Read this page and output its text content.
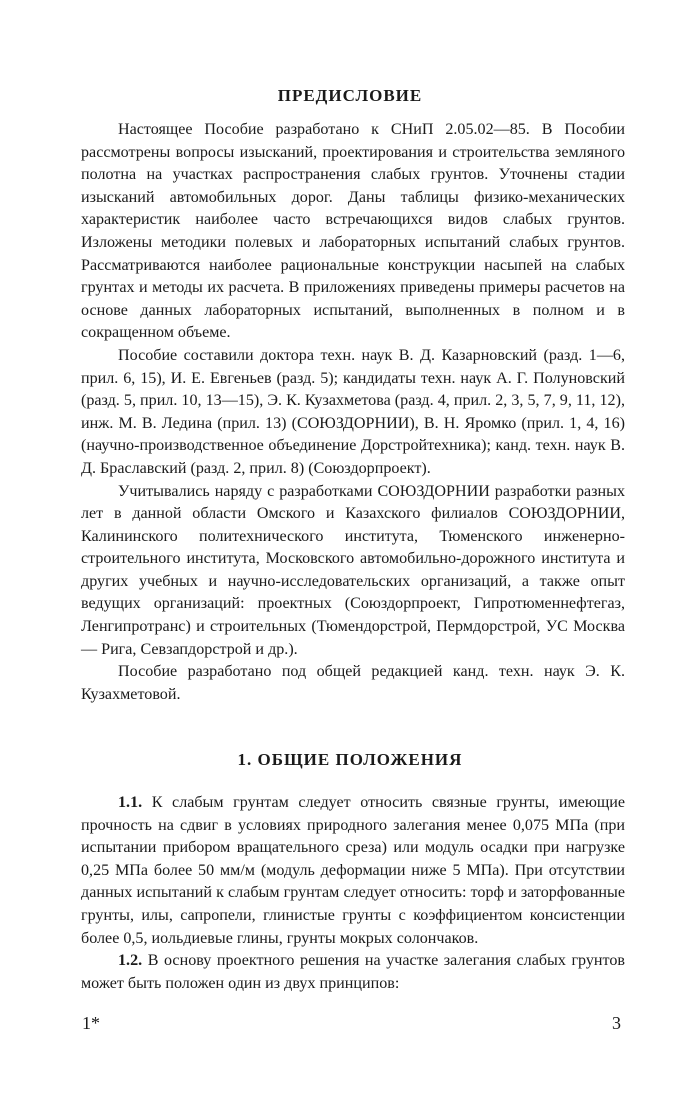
ПРЕДИСЛОВИЕ

Настоящее Пособие разработано к СНиП 2.05.02—85. В Пособии рассмотрены вопросы изысканий, проектирования и строительства земляного полотна на участках распространения слабых грунтов. Уточнены стадии изысканий автомобильных дорог. Даны таблицы физико-механических характеристик наиболее часто встречающихся видов слабых грунтов. Изложены методики полевых и лабораторных испытаний слабых грунтов. Рассматриваются наиболее рациональные конструкции насыпей на слабых грунтах и методы их расчета. В приложениях приведены примеры расчетов на основе данных лабораторных испытаний, выполненных в полном и в сокращенном объеме.

Пособие составили доктора техн. наук В. Д. Казарновский (разд. 1—6, прил. 6, 15), И. Е. Евгеньев (разд. 5); кандидаты техн. наук А. Г. Полуновский (разд. 5, прил. 10, 13—15), Э. К. Кузахметова (разд. 4, прил. 2, 3, 5, 7, 9, 11, 12), инж. М. В. Ледина (прил. 13) (СОЮЗДОРНИИ), В. Н. Яромко (прил. 1, 4, 16) (научно-производственное объединение Дорстройтехника); канд. техн. наук В. Д. Браславский (разд. 2, прил. 8) (Союздорпроект).

Учитывались наряду с разработками СОЮЗДОРНИИ разработки разных лет в данной области Омского и Казахского филиалов СОЮЗДОРНИИ, Калининского политехнического института, Тюменского инженерно-строительного института, Московского автомобильно-дорожного института и других учебных и научно-исследовательских организаций, а также опыт ведущих организаций: проектных (Союздорпроект, Гипротюменнефтегаз, Ленгипротранс) и строительных (Тюмендорстрой, Пермдорстрой, УС Москва — Рига, Севзапдорстрой и др.).

Пособие разработано под общей редакцией канд. техн. наук Э. К. Кузахметовой.

1. ОБЩИЕ ПОЛОЖЕНИЯ

1.1. К слабым грунтам следует относить связные грунты, имеющие прочность на сдвиг в условиях природного залегания менее 0,075 МПа (при испытании прибором вращательного среза) или модуль осадки при нагрузке 0,25 МПа более 50 мм/м (модуль деформации ниже 5 МПа). При отсутствии данных испытаний к слабым грунтам следует относить: торф и заторфованные грунты, илы, сапропели, глинистые грунты с коэффициентом консистенции более 0,5, иольдиевые глины, грунты мокрых солончаков.

1.2. В основу проектного решения на участке залегания слабых грунтов может быть положен один из двух принципов:

1*	3
